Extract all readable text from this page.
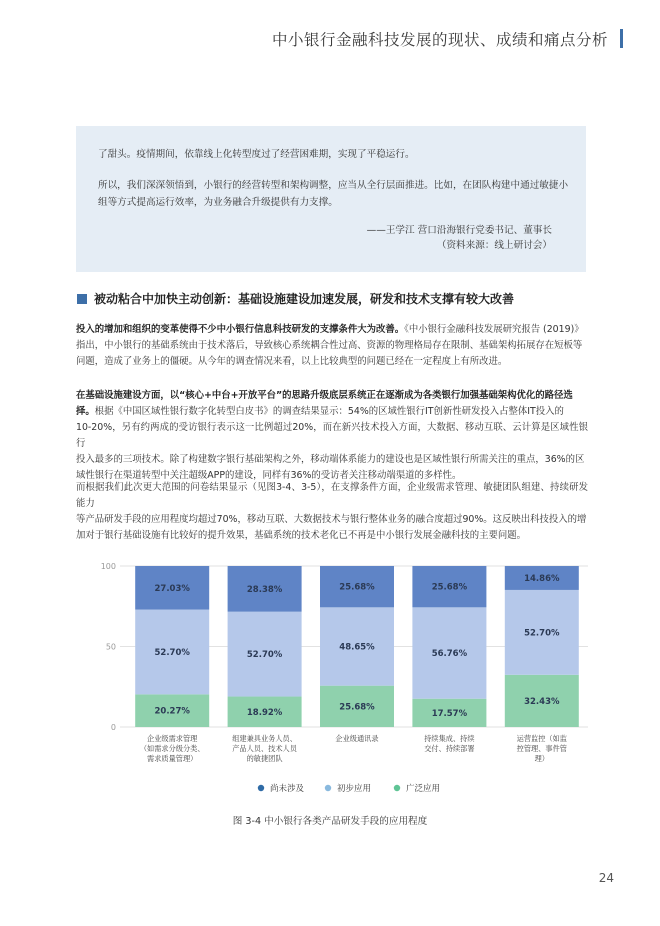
中小银行金融科技发展的现状、成绩和痛点分析
了甜头。疫情期间，依靠线上化转型度过了经营困难期，实现了平稳运行。
所以，我们深深领悟到，小银行的经营转型和架构调整，应当从全行层面推进。比如，在团队构建中通过敏捷小
组等方式提高运行效率，为业务融合升级提供有力支撑。
——王学江 营口沿海银行党委书记、董事长
（资料来源：线上研讨会）
被动粘合中加快主动创新：基础设施建设加速发展，研发和技术支撑有较大改善
投入的增加和组织的变革使得不少中小银行信息科技研发的支撑条件大为改善。《中小银行金融科技发展研究报告 (2019)》
指出，中小银行的基础系统由于技术落后，导致核心系统耦合性过高、资源的物理格局存在限制、基础架构拓展存在短板等
问题，造成了业务上的僵硬。从今年的调查情况来看，以上比较典型的问题已经在一定程度上有所改进。
在基础设施建设方面，以“核心+中台+开放平台”的思路升级底层系统正在逐渐成为各类银行加强基础架构优化的路径选
择。根据《中国区域性银行数字化转型白皮书》的调查结果显示：54%的区域性银行IT创新性研发投入占整体IT投入的
10-20%，另有约两成的受访银行表示这一比例超过20%，而在新兴技术投入方面，大数据、移动互联、云计算是区域性银行
投入最多的三项技术。除了构建数字银行基础架构之外，移动端体系能力的建设也是区域性银行所需关注的重点，36%的区
域性银行在渠道转型中关注超级APP的建设，同样有36%的受访者关注移动端渠道的多样性。
而根据我们此次更大范围的问卷结果显示（见图3-4、3-5），在支撑条件方面，企业级需求管理、敏捷团队组建、持续研发能力
等产品研发手段的应用程度均超过70%，移动互联、大数据技术与银行整体业务的融合度超过90%。这反映出科技投入的增
加对于银行基础设施有比较好的提升效果，基础系统的技术老化已不再是中小银行发展金融科技的主要问题。
0
50
100
20.27%
52.70%
27.03%
企业级需求管理
（如需求分级分类、
需求质量管理）
18.92%
52.70%
28.38%
组建兼具业务人员、
产品人员、技术人员
的敏捷团队
25.68%
48.65%
25.68%
企业级通讯录
17.57%
56.76%
25.68%
持续集成、持续
交付、持续部署
32.43%
52.70%
14.86%
运营监控（如监
控管理、事件管
理）
尚未涉及	初步应用	广泛应用
图 3-4 中小银行各类产品研发手段的应用程度
24
